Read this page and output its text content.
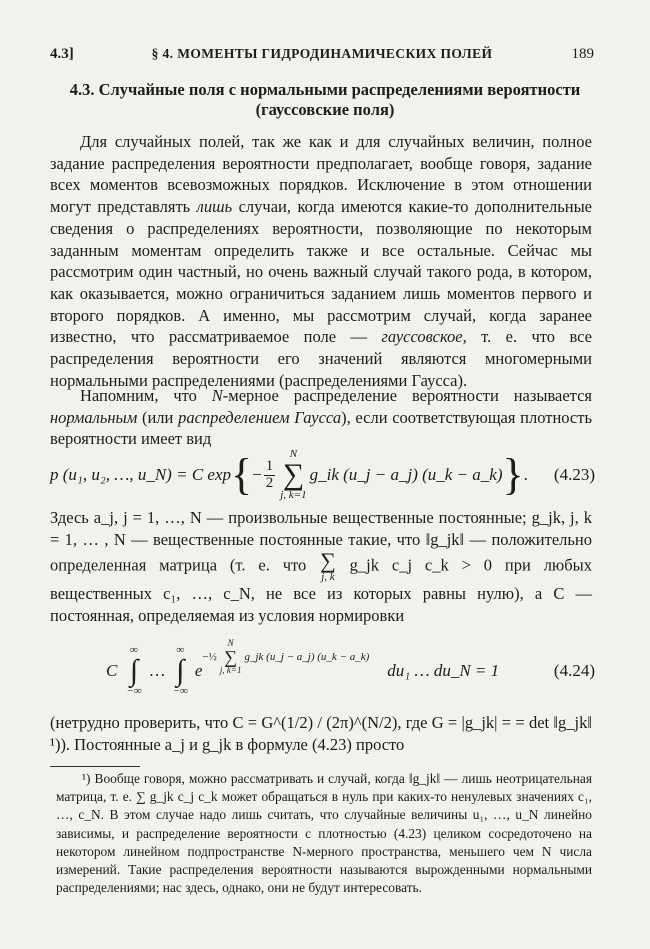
4.3]	§ 4. МОМЕНТЫ ГИДРОДИНАМИЧЕСКИХ ПОЛЕЙ	189
4.3. Случайные поля с нормальными распределениями вероятности (гауссовские поля)
Для случайных полей, так же как и для случайных величин, полное задание распределения вероятности предполагает, вообще говоря, задание всех моментов всевозможных порядков. Исключение в этом отношении могут представлять лишь случаи, когда имеются какие-то дополнительные сведения о распределениях вероятности, позволяющие по некоторым заданным моментам определить также и все остальные. Сейчас мы рассмотрим один частный, но очень важный случай такого рода, в котором, как оказывается, можно ограничиться заданием лишь моментов первого и второго порядков. А именно, мы рассмотрим случай, когда заранее известно, что рассматриваемое поле — гауссовское, т. е. что все распределения вероятности его значений являются многомерными нормальными распределениями (распределениями Гаусса).
Напомним, что N-мерное распределение вероятности называется нормальным (или распределением Гаусса), если соответствующая плотность вероятности имеет вид
p (u₁, u₂, …, u_N) = C exp { − $\frac{1}{2}$
N
∑
j, k=1
g_ik (u_j − a_j) (u_k − a_k) } . (4.23)
Здесь a_j, j = 1, …, N — произвольные вещественные постоянные; g_jk, j, k = 1, … , N — вещественные постоянные такие, что ‖g_jk‖ — положительно определенная матрица (т. е. что ∑
j, k
g_jk c_j c_k > 0 при любых вещественных c₁, …, c_N, не все из которых равны нулю), а C — постоянная, определяемая из условия нормировки
C
∞
∫
−∞
…
∞
∫
−∞
e
−½
N
∑
j, k=1
g_jk (u_j − a_j) (u_k − a_k)
du₁ … du_N = 1	(4.24)
(нетрудно проверить, что C = G^(1/2) / (2π)^(N/2), где G = |g_jk| = = det ‖g_jk‖ ¹)). Постоянные a_j и g_jk в формуле (4.23) просто

¹) Вообще говоря, можно рассматривать и случай, когда ‖g_jk‖ — лишь неотрицательная матрица, т. е. ∑ g_jk c_j c_k может обращаться в нуль при каких-то ненулевых значениях c₁, …, c_N. В этом случае надо лишь считать, что случайные величины u₁, …, u_N линейно зависимы, и распределение вероятности с плотностью (4.23) целиком сосредоточено на некотором линейном подпространстве N-мерного пространства, меньшего чем N числа измерений. Такие распределения вероятности называются вырожденными нормальными распределениями; нас здесь, однако, они не будут интересовать.
